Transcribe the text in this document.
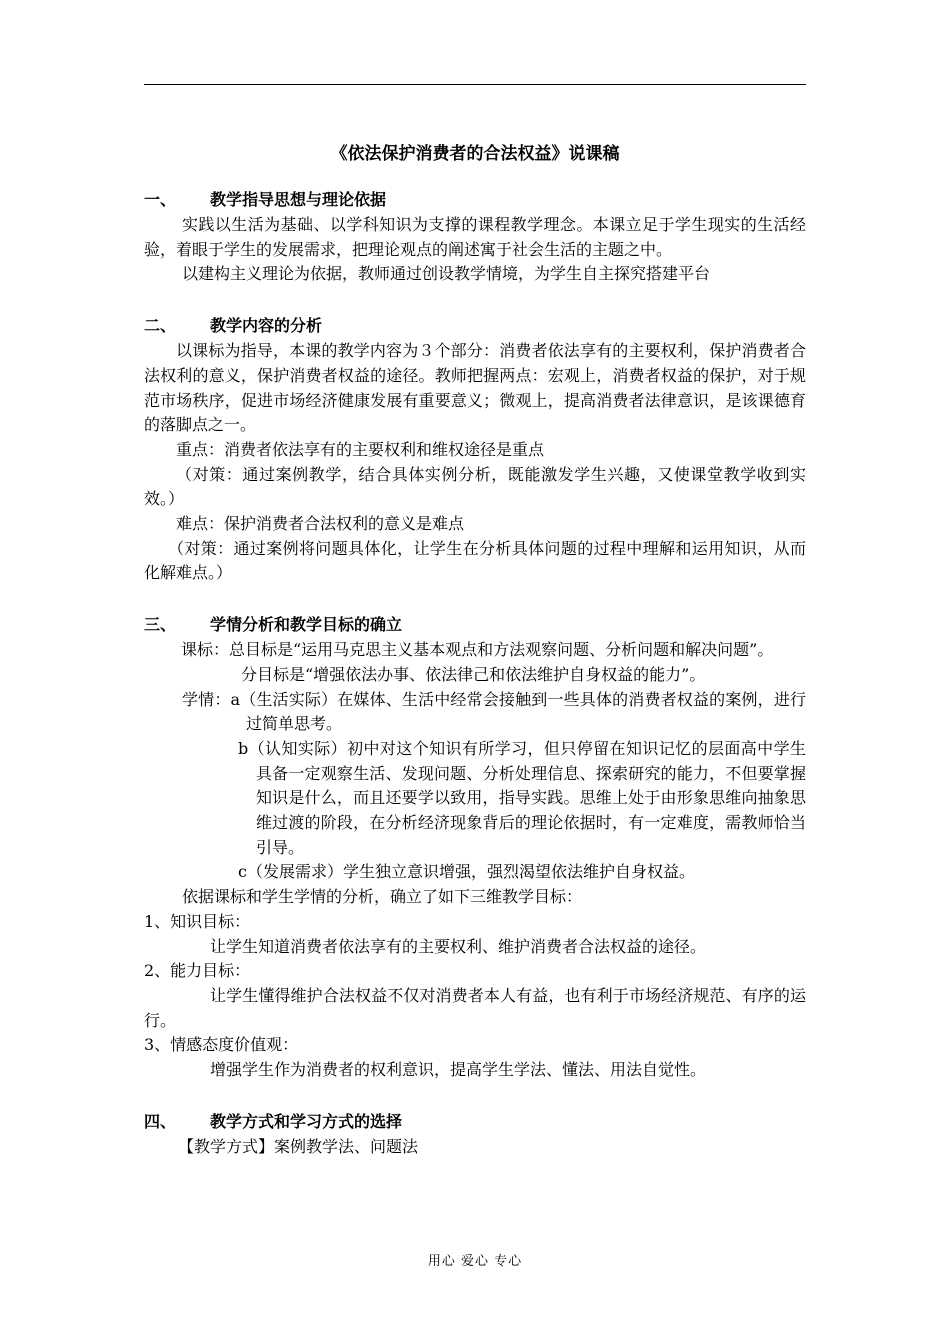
《依法保护消费者的合法权益》说课稿

一、 教学指导思想与理论依据

实践以生活为基础、以学科知识为支撑的课程教学理念。本课立足于学生现实的生活经验，着眼于学生的发展需求，把理论观点的阐述寓于社会生活的主题之中。

以建构主义理论为依据，教师通过创设教学情境，为学生自主探究搭建平台

二、 教学内容的分析

以课标为指导，本课的教学内容为３个部分：消费者依法享有的主要权利，保护消费者合法权利的意义，保护消费者权益的途径。教师把握两点：宏观上，消费者权益的保护，对于规范市场秩序，促进市场经济健康发展有重要意义；微观上，提高消费者法律意识，是该课德育的落脚点之一。

重点：消费者依法享有的主要权利和维权途径是重点

（对策：通过案例教学，结合具体实例分析，既能激发学生兴趣，又使课堂教学收到实效。）

难点：保护消费者合法权利的意义是难点

（对策：通过案例将问题具体化，让学生在分析具体问题的过程中理解和运用知识，从而化解难点。）

三、 学情分析和教学目标的确立

课标：总目标是“运用马克思主义基本观点和方法观察问题、分析问题和解决问题”。

分目标是“增强依法办事、依法律己和依法维护自身权益的能力”。

学情：a（生活实际）在媒体、生活中经常会接触到一些具体的消费者权益的案例，进行过简单思考。

b（认知实际）初中对这个知识有所学习，但只停留在知识记忆的层面高中学生具备一定观察生活、发现问题、分析处理信息、探索研究的能力，不但要掌握知识是什么，而且还要学以致用，指导实践。思维上处于由形象思维向抽象思维过渡的阶段，在分析经济现象背后的理论依据时，有一定难度，需教师恰当引导。

c（发展需求）学生独立意识增强，强烈渴望依法维护自身权益。

依据课标和学生学情的分析，确立了如下三维教学目标：

1、知识目标：

让学生知道消费者依法享有的主要权利、维护消费者合法权益的途径。

2、能力目标：

让学生懂得维护合法权益不仅对消费者本人有益，也有利于市场经济规范、有序的运行。

3、情感态度价值观：

增强学生作为消费者的权利意识，提高学生学法、懂法、用法自觉性。

四、 教学方式和学习方式的选择

【教学方式】案例教学法、问题法

用心 爱心 专心
